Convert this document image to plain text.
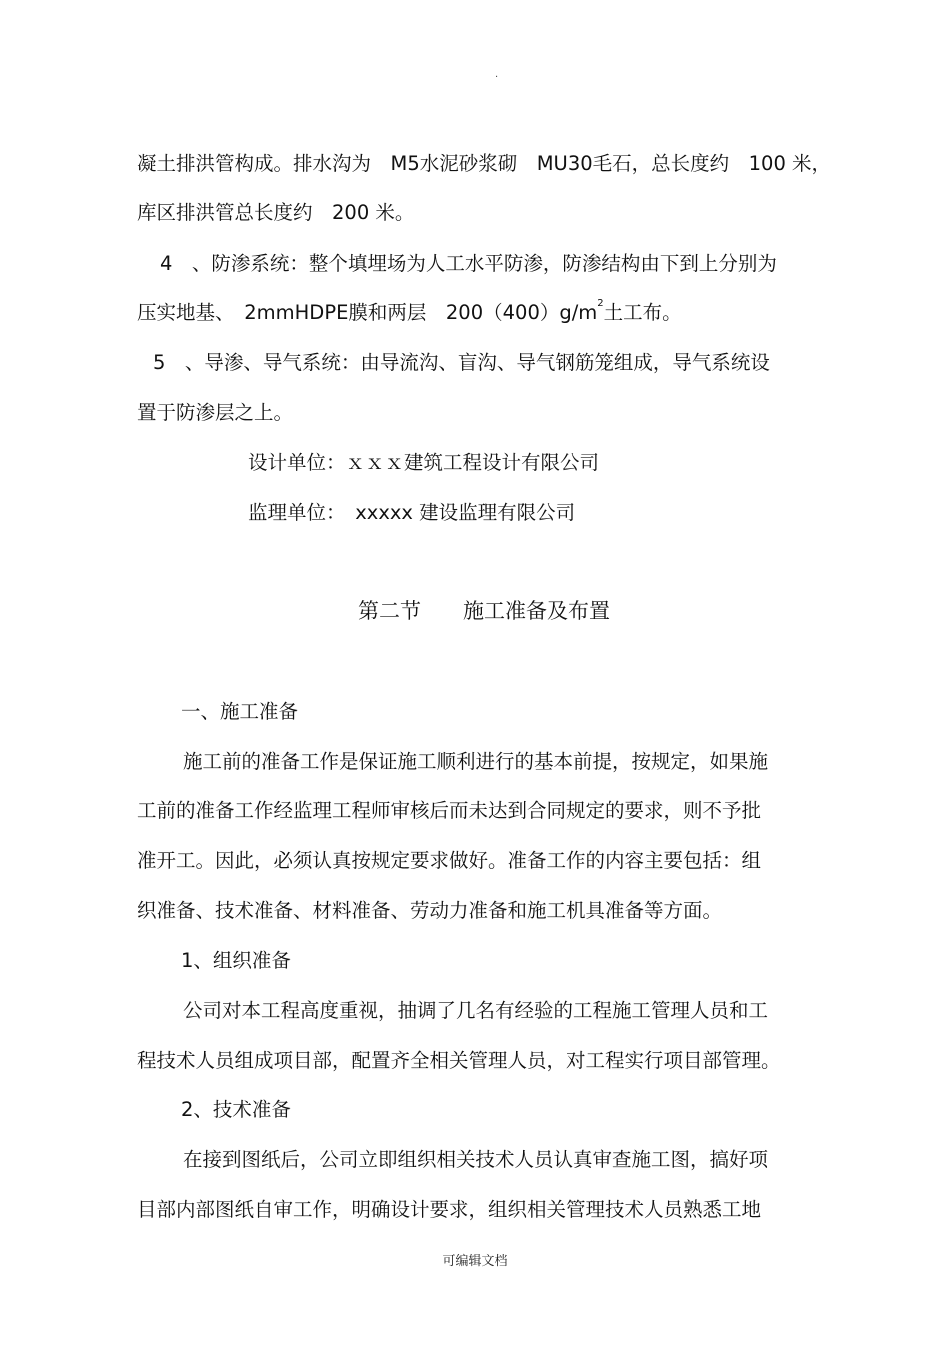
·
凝土排洪管构成。排水沟为　M5水泥砂浆砌　MU30毛石，总长度约　100 米，
库区排洪管总长度约　200 米。
4　、防渗系统：整个填埋场为人工水平防渗，防渗结构由下到上分别为
压实地基、　2mmHDPE膜和两层　$200(400)g/m^2$土工布。
5　、导渗、导气系统：由导流沟、盲沟、导气钢筋笼组成，导气系统设
置于防渗层之上。
设计单位：ｘｘｘ建筑工程设计有限公司
监理单位：　xxxxx 建设监理有限公司
第二节　　施工准备及布置
一、施工准备
施工前的准备工作是保证施工顺利进行的基本前提，按规定，如果施
工前的准备工作经监理工程师审核后而未达到合同规定的要求，则不予批
准开工。因此，必须认真按规定要求做好。准备工作的内容主要包括：组
织准备、技术准备、材料准备、劳动力准备和施工机具准备等方面。
1、组织准备
公司对本工程高度重视，抽调了几名有经验的工程施工管理人员和工
程技术人员组成项目部，配置齐全相关管理人员，对工程实行项目部管理。
2、技术准备
在接到图纸后，公司立即组织相关技术人员认真审查施工图，搞好项
目部内部图纸自审工作，明确设计要求，组织相关管理技术人员熟悉工地
可编辑文档
